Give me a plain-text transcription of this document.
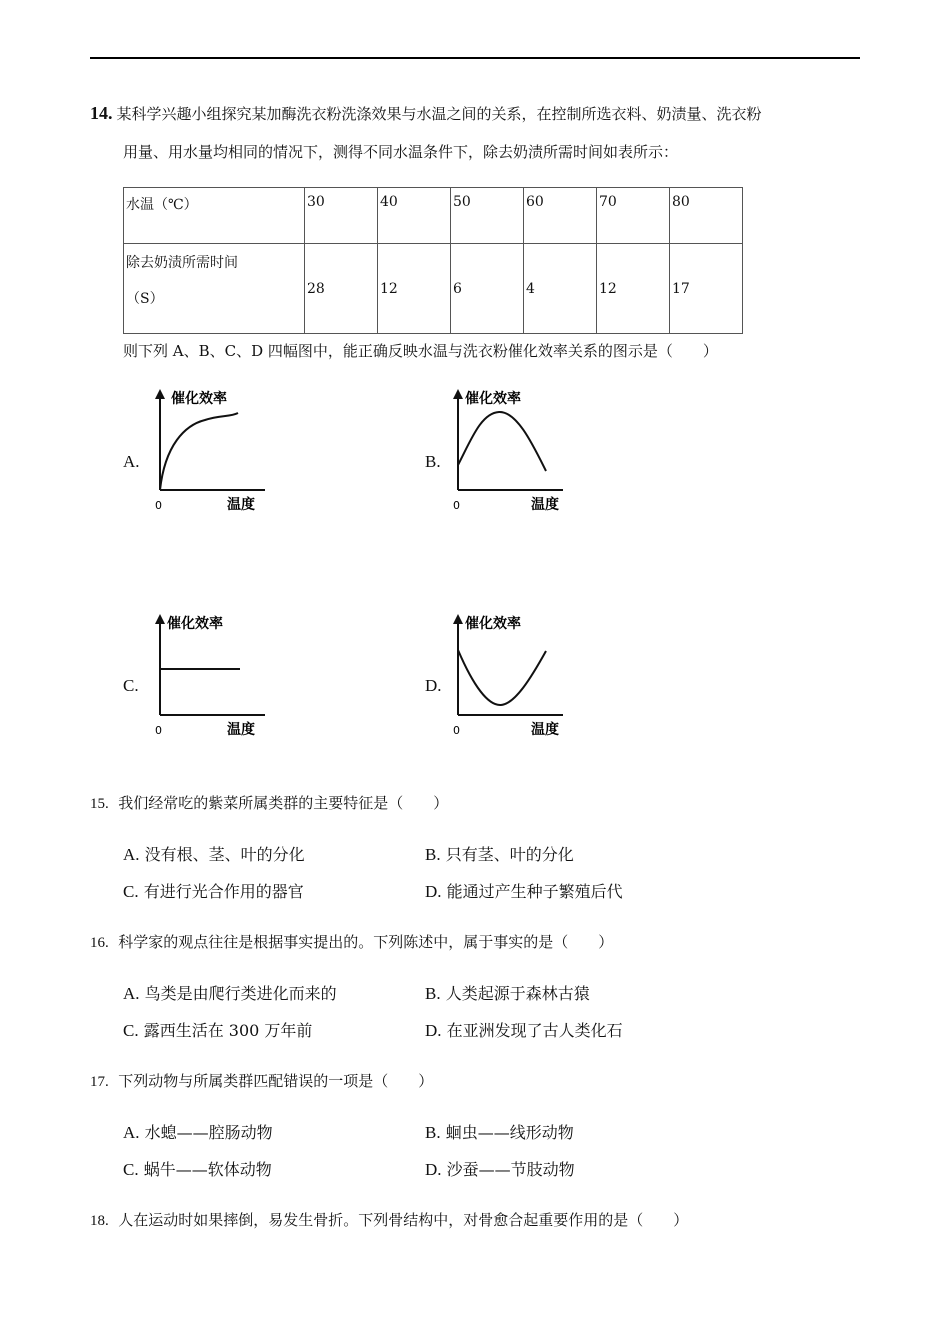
14. 某科学兴趣小组探究某加酶洗衣粉洗涤效果与水温之间的关系，在控制所选衣料、奶渍量、洗衣粉
用量、用水量均相同的情况下，测得不同水温条件下，除去奶渍所需时间如表所示：
水温（℃）	30	40	50	60	70	80

除去奶渍所需时间
（S）	28	12	6	4	12	17
则下列 A、B、C、D 四幅图中，能正确反映水温与洗衣粉催化效率关系的图示是（　　）
A.
催化效率
温度
0
B.
催化效率
温度
0
C.
催化效率
温度
0
D.
催化效率
温度
0
15. 我们经常吃的紫菜所属类群的主要特征是（　　）
A. 没有根、茎、叶的分化	B. 只有茎、叶的分化
C. 有进行光合作用的器官	D. 能通过产生种子繁殖后代
16. 科学家的观点往往是根据事实提出的。下列陈述中，属于事实的是（　　）
A. 鸟类是由爬行类进化而来的	B. 人类起源于森林古猿
C. 露西生活在 300 万年前	D. 在亚洲发现了古人类化石
17. 下列动物与所属类群匹配错误的一项是（　　）
A. 水螅——腔肠动物	B. 蛔虫——线形动物
C. 蜗牛——软体动物	D. 沙蚕——节肢动物
18. 人在运动时如果摔倒，易发生骨折。下列骨结构中，对骨愈合起重要作用的是（　　）
